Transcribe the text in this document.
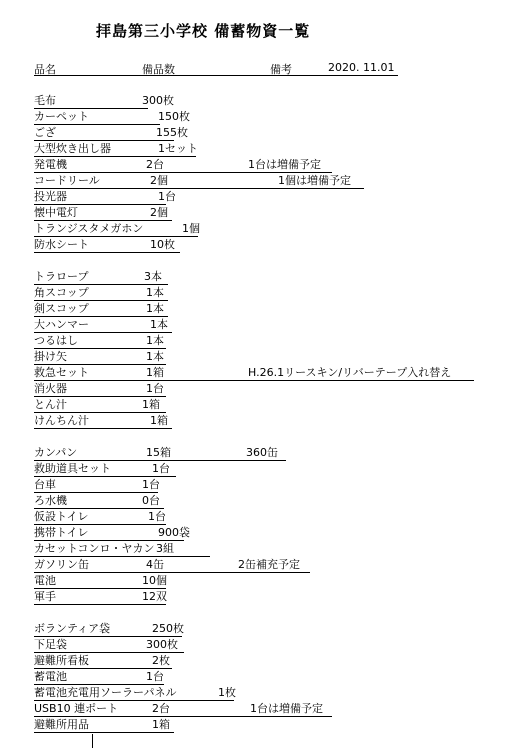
拝島第三小学校 備蓄物資一覧
品名	備品数	備考	2020. 11.01
毛布	300枚
カーペット	150枚
ござ	155枚
大型炊き出し器	1セット
発電機	2台	1台は増備予定
コードリール	2個	1個は増備予定
投光器	1台
懐中電灯	2個
トランジスタメガホン	1個
防水シート	10枚
トラロープ	3本
角スコップ	1本
剣スコップ	1本
大ハンマー	1本
つるはし	1本
掛け矢	1本
救急セット	1箱	H.26.1リースキン/リバーテープ入れ替え
消火器	1台
とん汁	1箱
けんちん汁	1箱
カンパン	15箱	360缶
救助道具セット	1台
台車	1台
ろ水機	0台
仮設トイレ	1台
携帯トイレ	900袋
カセットコンロ・ヤカン 3組
ガソリン缶	4缶	2缶補充予定
電池	10個
軍手	12双
ボランティア袋	250枚
下足袋	300枚
避難所看板	2枚
蓄電池	1台
蓄電池充電用ソーラーパネル	1枚
USB10 連ポート	2台	1台は増備予定
避難所用品	1箱
